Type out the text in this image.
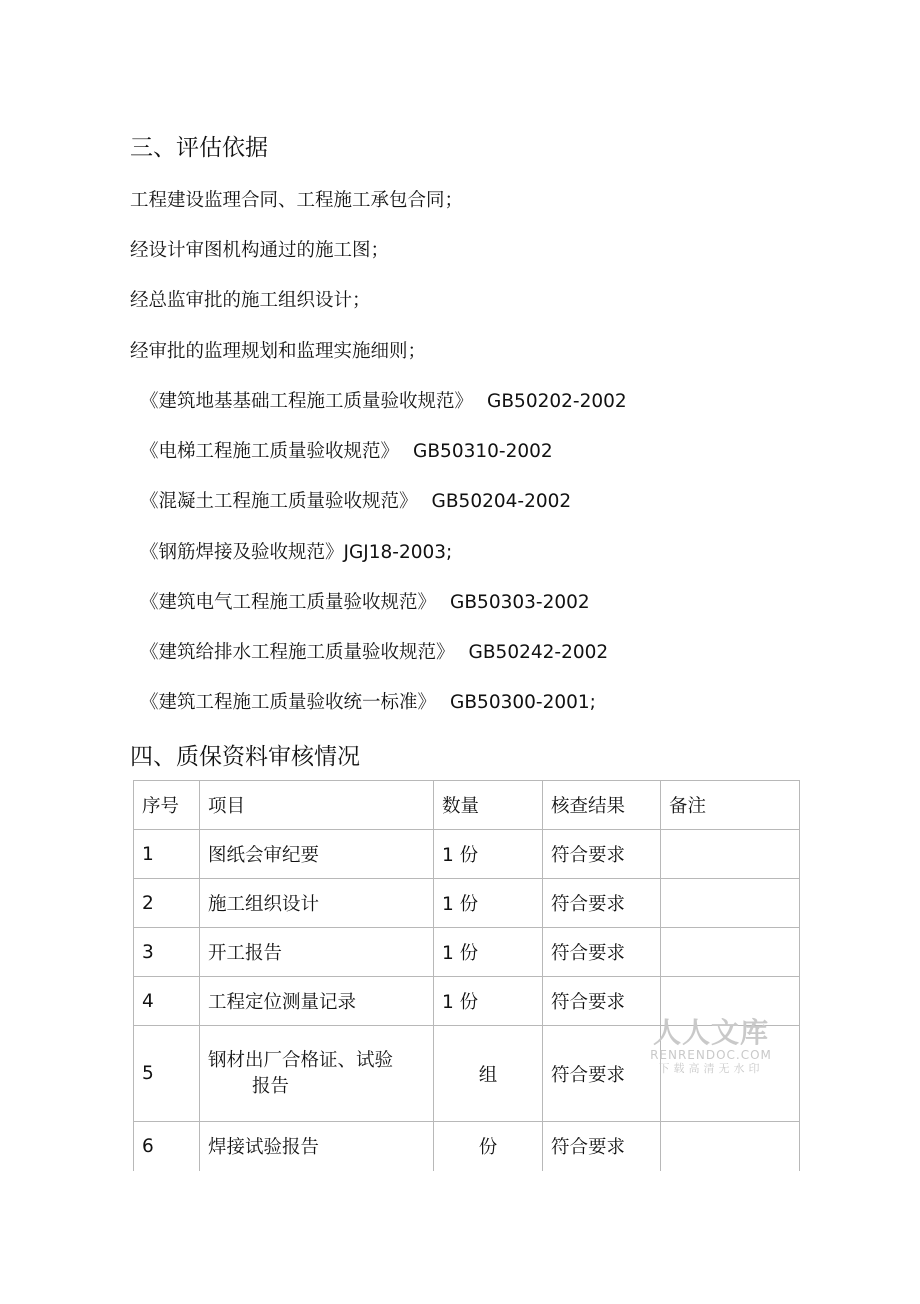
三、评估依据
工程建设监理合同、工程施工承包合同；
经设计审图机构通过的施工图；
经总监审批的施工组织设计；
经审批的监理规划和监理实施细则；
《建筑地基基础工程施工质量验收规范》 GB50202-2002
《电梯工程施工质量验收规范》 GB50310-2002
《混凝土工程施工质量验收规范》 GB50204-2002
《钢筋焊接及验收规范》JGJ18-2003;
《建筑电气工程施工质量验收规范》 GB50303-2002
《建筑给排水工程施工质量验收规范》 GB50242-2002
《建筑工程施工质量验收统一标准》 GB50300-2001;
四、质保资料审核情况
序号	项目	数量	核查结果	备注
1	图纸会审纪要	1 份	符合要求	
2	施工组织设计	1 份	符合要求	
3	开工报告	1 份	符合要求	
4	工程定位测量记录	1 份	符合要求	
5	钢材出厂合格证、试验
报告	组	符合要求	
6	焊接试验报告	份	符合要求	
人人文库
RENRENDOC.COM
下载高清无水印
